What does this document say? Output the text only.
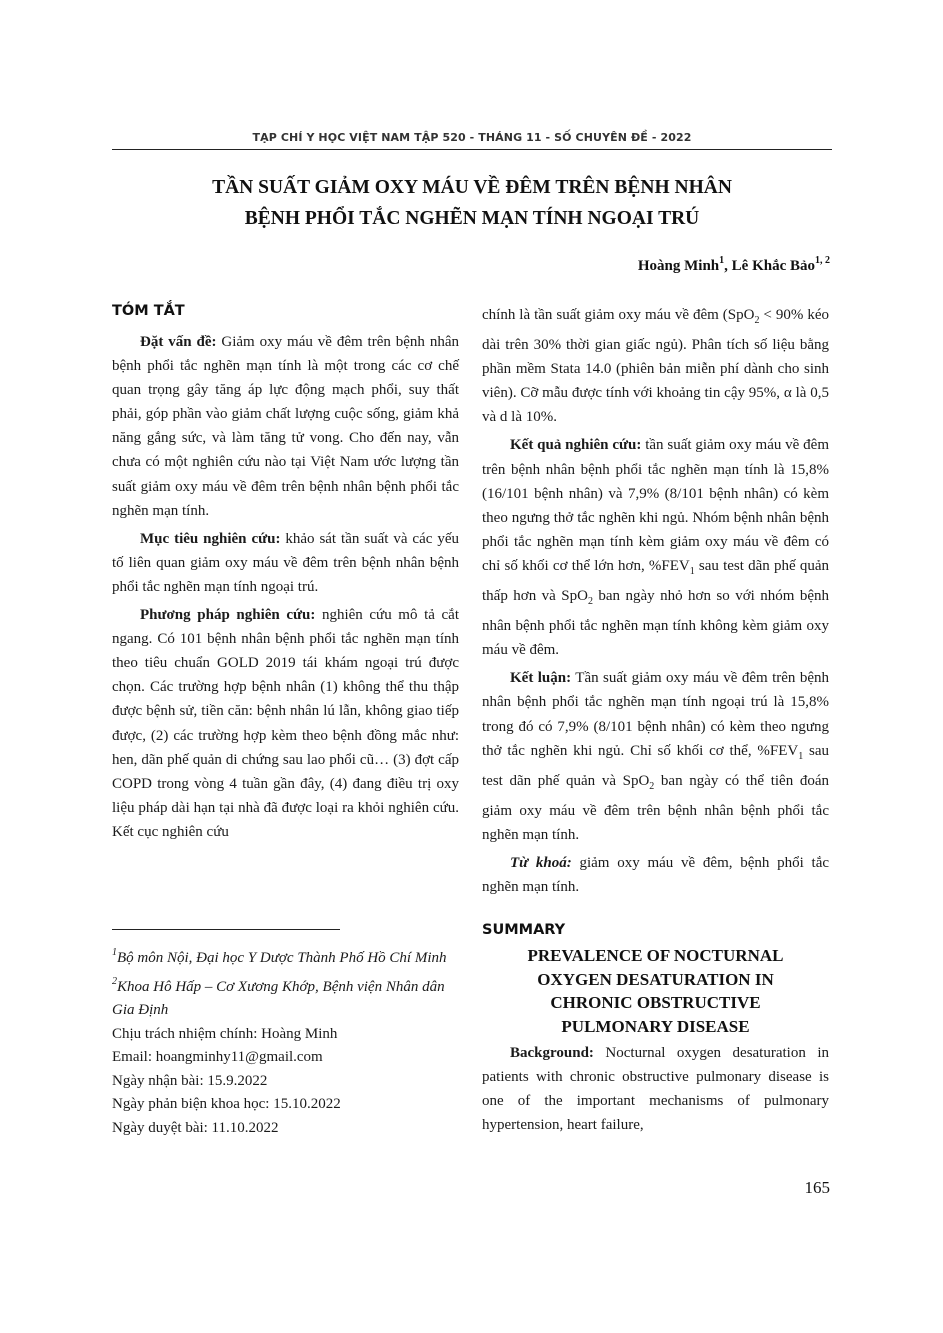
TẠP CHÍ Y HỌC VIỆT NAM TẬP 520 - THÁNG 11 - SỐ CHUYÊN ĐỀ - 2022
TẦN SUẤT GIẢM OXY MÁU VỀ ĐÊM TRÊN BỆNH NHÂN
BỆNH PHỔI TẮC NGHẼN MẠN TÍNH NGOẠI TRÚ
Hoàng Minh$^1$, Lê Khắc Bảo$^{1, 2}$
TÓM TẮT

Đặt vấn đề: Giảm oxy máu về đêm trên bệnh nhân bệnh phổi tắc nghẽn mạn tính là một trong các cơ chế quan trọng gây tăng áp lực động mạch phổi, suy thất phải, góp phần vào giảm chất lượng cuộc sống, giảm khả năng gắng sức, và làm tăng tử vong. Cho đến nay, vẫn chưa có một nghiên cứu nào tại Việt Nam ước lượng tần suất giảm oxy máu về đêm trên bệnh nhân bệnh phổi tắc nghẽn mạn tính.

Mục tiêu nghiên cứu: khảo sát tần suất và các yếu tố liên quan giảm oxy máu về đêm trên bệnh nhân bệnh phổi tắc nghẽn mạn tính ngoại trú.

Phương pháp nghiên cứu: nghiên cứu mô tả cắt ngang. Có 101 bệnh nhân bệnh phổi tắc nghẽn mạn tính theo tiêu chuẩn GOLD 2019 tái khám ngoại trú được chọn. Các trường hợp bệnh nhân (1) không thể thu thập được bệnh sử, tiền căn: bệnh nhân lú lẫn, không giao tiếp được, (2) các trường hợp kèm theo bệnh đồng mắc như: hen, dãn phế quản di chứng sau lao phổi cũ… (3) đợt cấp COPD trong vòng 4 tuần gần đây, (4) đang điều trị oxy liệu pháp dài hạn tại nhà đã được loại ra khỏi nghiên cứu. Kết cục nghiên cứu

$^1$Bộ môn Nội, Đại học Y Dược Thành Phố Hồ Chí Minh
$^2$Khoa Hô Hấp – Cơ Xương Khớp, Bệnh viện Nhân dân Gia Định
Chịu trách nhiệm chính: Hoàng Minh
Email: hoangminhy11@gmail.com
Ngày nhận bài: 15.9.2022
Ngày phản biện khoa học: 15.10.2022
Ngày duyệt bài: 11.10.2022

chính là tần suất giảm oxy máu về đêm (SpO$_2$ < 90% kéo dài trên 30% thời gian giấc ngủ). Phân tích số liệu bằng phần mềm Stata 14.0 (phiên bản miễn phí dành cho sinh viên). Cỡ mẫu được tính với khoảng tin cậy 95%, α là 0,5 và d là 10%.

Kết quả nghiên cứu: tần suất giảm oxy máu về đêm trên bệnh nhân bệnh phổi tắc nghẽn mạn tính là 15,8% (16/101 bệnh nhân) và 7,9% (8/101 bệnh nhân) có kèm theo ngưng thở tắc nghẽn khi ngủ. Nhóm bệnh nhân bệnh phổi tắc nghẽn mạn tính kèm giảm oxy máu về đêm có chỉ số khối cơ thể lớn hơn, $\%FEV_1$ sau test dãn phế quản thấp hơn và SpO$_2$ ban ngày nhỏ hơn so với nhóm bệnh nhân bệnh phổi tắc nghẽn mạn tính không kèm giảm oxy máu về đêm.

Kết luận: Tần suất giảm oxy máu về đêm trên bệnh nhân bệnh phổi tắc nghẽn mạn tính ngoại trú là 15,8% trong đó có 7,9% (8/101 bệnh nhân) có kèm theo ngưng thở tắc nghẽn khi ngủ. Chỉ số khối cơ thể, $\%FEV_1$ sau test dãn phế quản và SpO$_2$ ban ngày có thể tiên đoán giảm oxy máu về đêm trên bệnh nhân bệnh phổi tắc nghẽn mạn tính.

Từ khoá: giảm oxy máu về đêm, bệnh phổi tắc nghẽn mạn tính.

SUMMARY
PREVALENCE OF NOCTURNAL
OXYGEN DESATURATION IN
CHRONIC OBSTRUCTIVE
PULMONARY DISEASE

Background: Nocturnal oxygen desaturation in patients with chronic obstructive pulmonary disease is one of the important mechanisms of pulmonary hypertension, heart failure,

165
